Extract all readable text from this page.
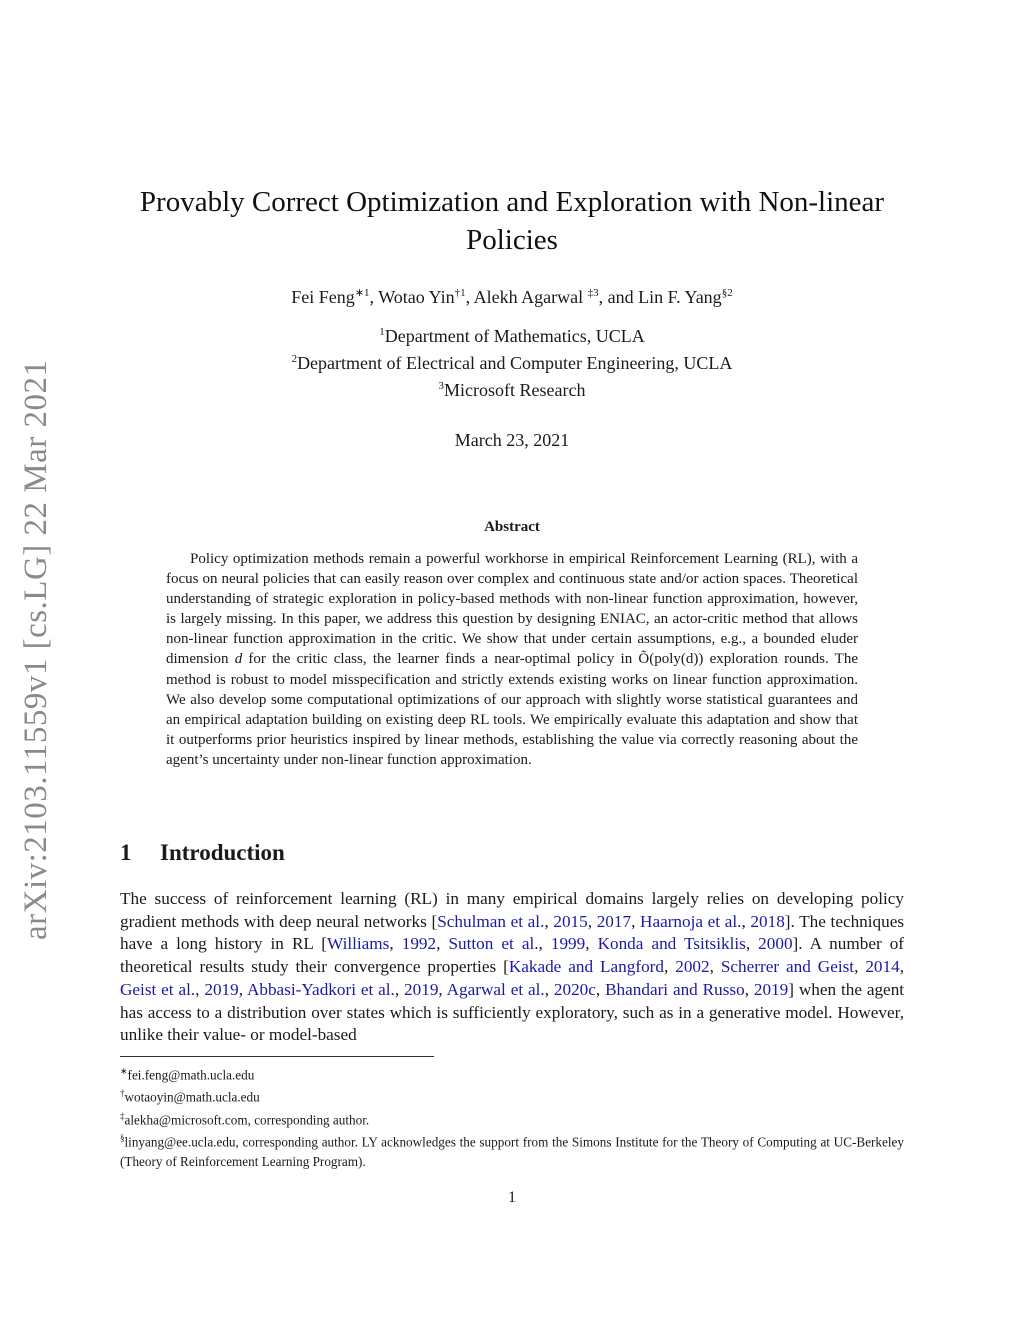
arXiv:2103.11559v1 [cs.LG] 22 Mar 2021
Provably Correct Optimization and Exploration with Non-linear Policies
Fei Feng$^{∗1}$, Wotao Yin$^{\dagger 1}$, Alekh Agarwal $^{\ddagger 3}$, and Lin F. Yang$^{\S 2}$
$^1$Department of Mathematics, UCLA
$^2$Department of Electrical and Computer Engineering, UCLA
$^3$Microsoft Research
March 23, 2021
Abstract
Policy optimization methods remain a powerful workhorse in empirical Reinforcement Learning (RL), with a focus on neural policies that can easily reason over complex and continuous state and/or action spaces. Theoretical understanding of strategic exploration in policy-based methods with non-linear function approximation, however, is largely missing. In this paper, we address this question by designing ENIAC, an actor-critic method that allows non-linear function approximation in the critic. We show that under certain assumptions, e.g., a bounded eluder dimension d for the critic class, the learner finds a near-optimal policy in Õ(poly(d)) exploration rounds. The method is robust to model misspecification and strictly extends existing works on linear function approximation. We also develop some computational optimizations of our approach with slightly worse statistical guarantees and an empirical adaptation building on existing deep RL tools. We empirically evaluate this adaptation and show that it outperforms prior heuristics inspired by linear methods, establishing the value via correctly reasoning about the agent’s uncertainty under non-linear function approximation.
1 Introduction
The success of reinforcement learning (RL) in many empirical domains largely relies on developing policy gradient methods with deep neural networks [Schulman et al., 2015, 2017, Haarnoja et al., 2018]. The techniques have a long history in RL [Williams, 1992, Sutton et al., 1999, Konda and Tsitsiklis, 2000]. A number of theoretical results study their convergence properties [Kakade and Langford, 2002, Scherrer and Geist, 2014, Geist et al., 2019, Abbasi-Yadkori et al., 2019, Agarwal et al., 2020c, Bhandari and Russo, 2019] when the agent has access to a distribution over states which is sufficiently exploratory, such as in a generative model. However, unlike their value- or model-based
∗fei.feng@math.ucla.edu
†wotaoyin@math.ucla.edu
‡alekha@microsoft.com, corresponding author.
§linyang@ee.ucla.edu, corresponding author. LY acknowledges the support from the Simons Institute for the Theory of Computing at UC-Berkeley (Theory of Reinforcement Learning Program).
1
